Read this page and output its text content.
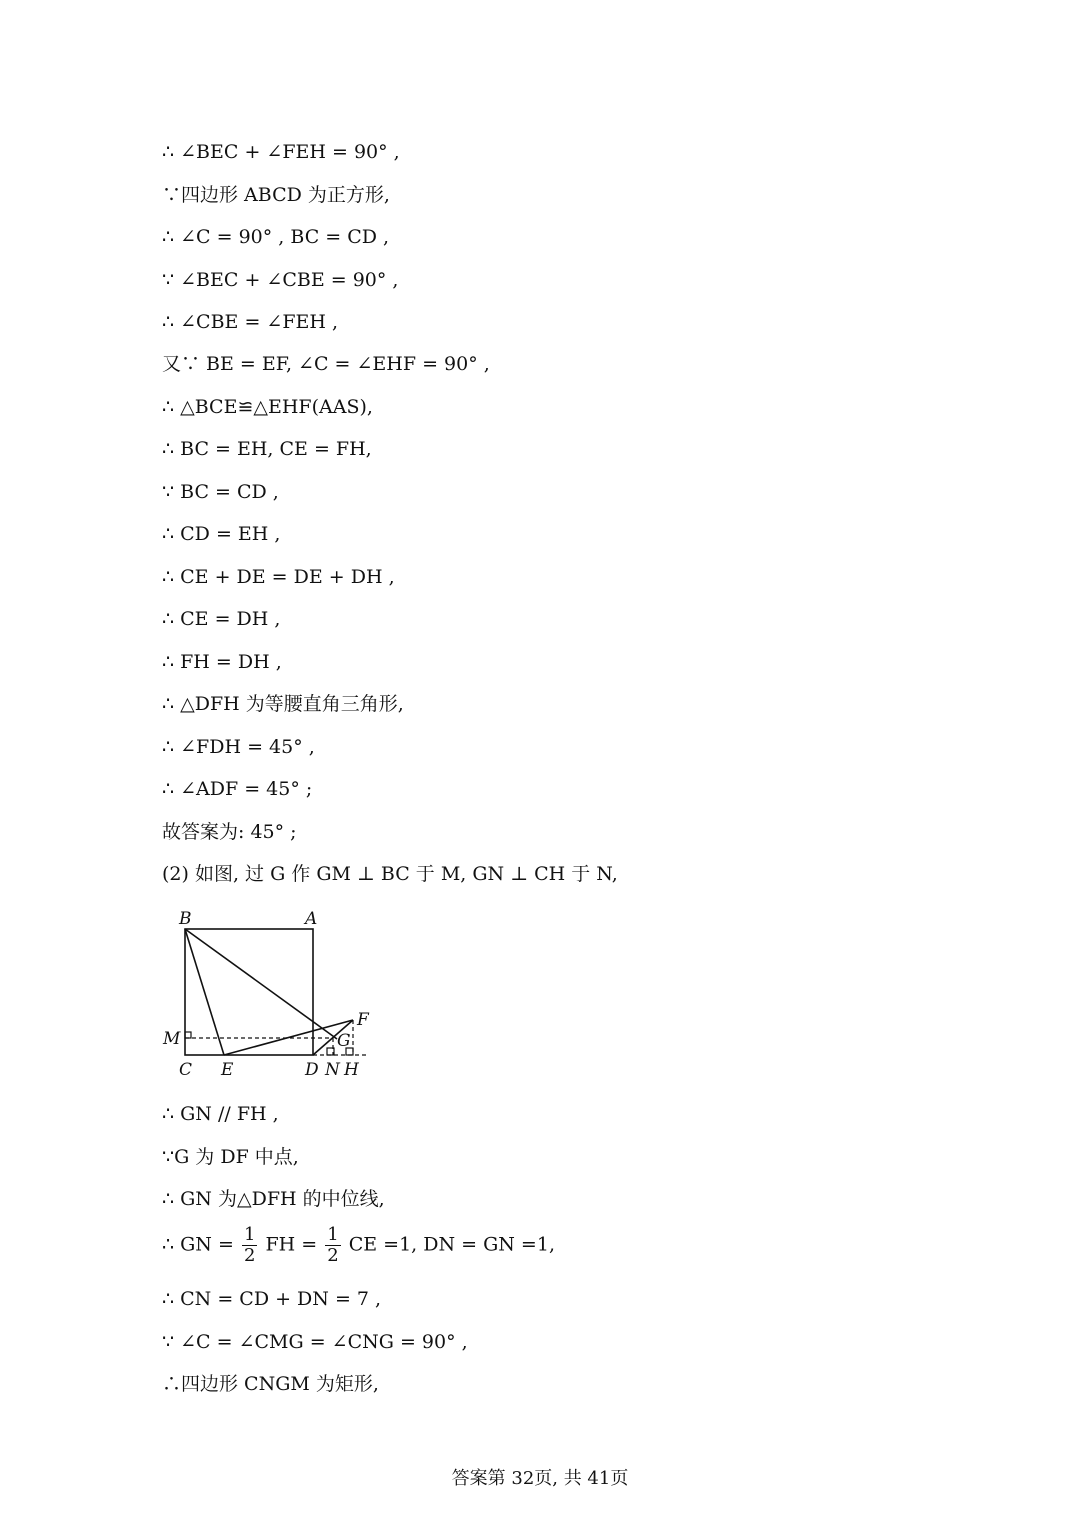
∴ ∠BEC + ∠FEH = 90° ,
∵四边形 ABCD 为正方形,
∴ ∠C = 90° , BC = CD ,
∵ ∠BEC + ∠CBE = 90° ,
∴ ∠CBE = ∠FEH ,
又∵ BE = EF, ∠C = ∠EHF = 90° ,
∴ △BCE≌△EHF(AAS),
∴ BC = EH, CE = FH,
∵ BC = CD ,
∴ CD = EH ,
∴ CE + DE = DE + DH ,
∴ CE = DH ,
∴ FH = DH ,
∴ △DFH 为等腰直角三角形,
∴ ∠FDH = 45° ,
∴ ∠ADF = 45° ;
故答案为: 45° ;
(2) 如图, 过 G 作 GM ⊥ BC 于 M, GN ⊥ CH 于 N,
B	A
M
F
G
C E	D N H
∴ GN // FH ,
∵G 为 DF 中点,
∴ GN 为△DFH 的中位线,
∴ GN = $\frac{1}{2}$ FH = $\frac{1}{2}$ CE =1, DN = GN =1,
∴ CN = CD + DN = 7 ,
∵ ∠C = ∠CMG = ∠CNG = 90° ,
∴四边形 CNGM 为矩形,
答案第 32页, 共 41页
